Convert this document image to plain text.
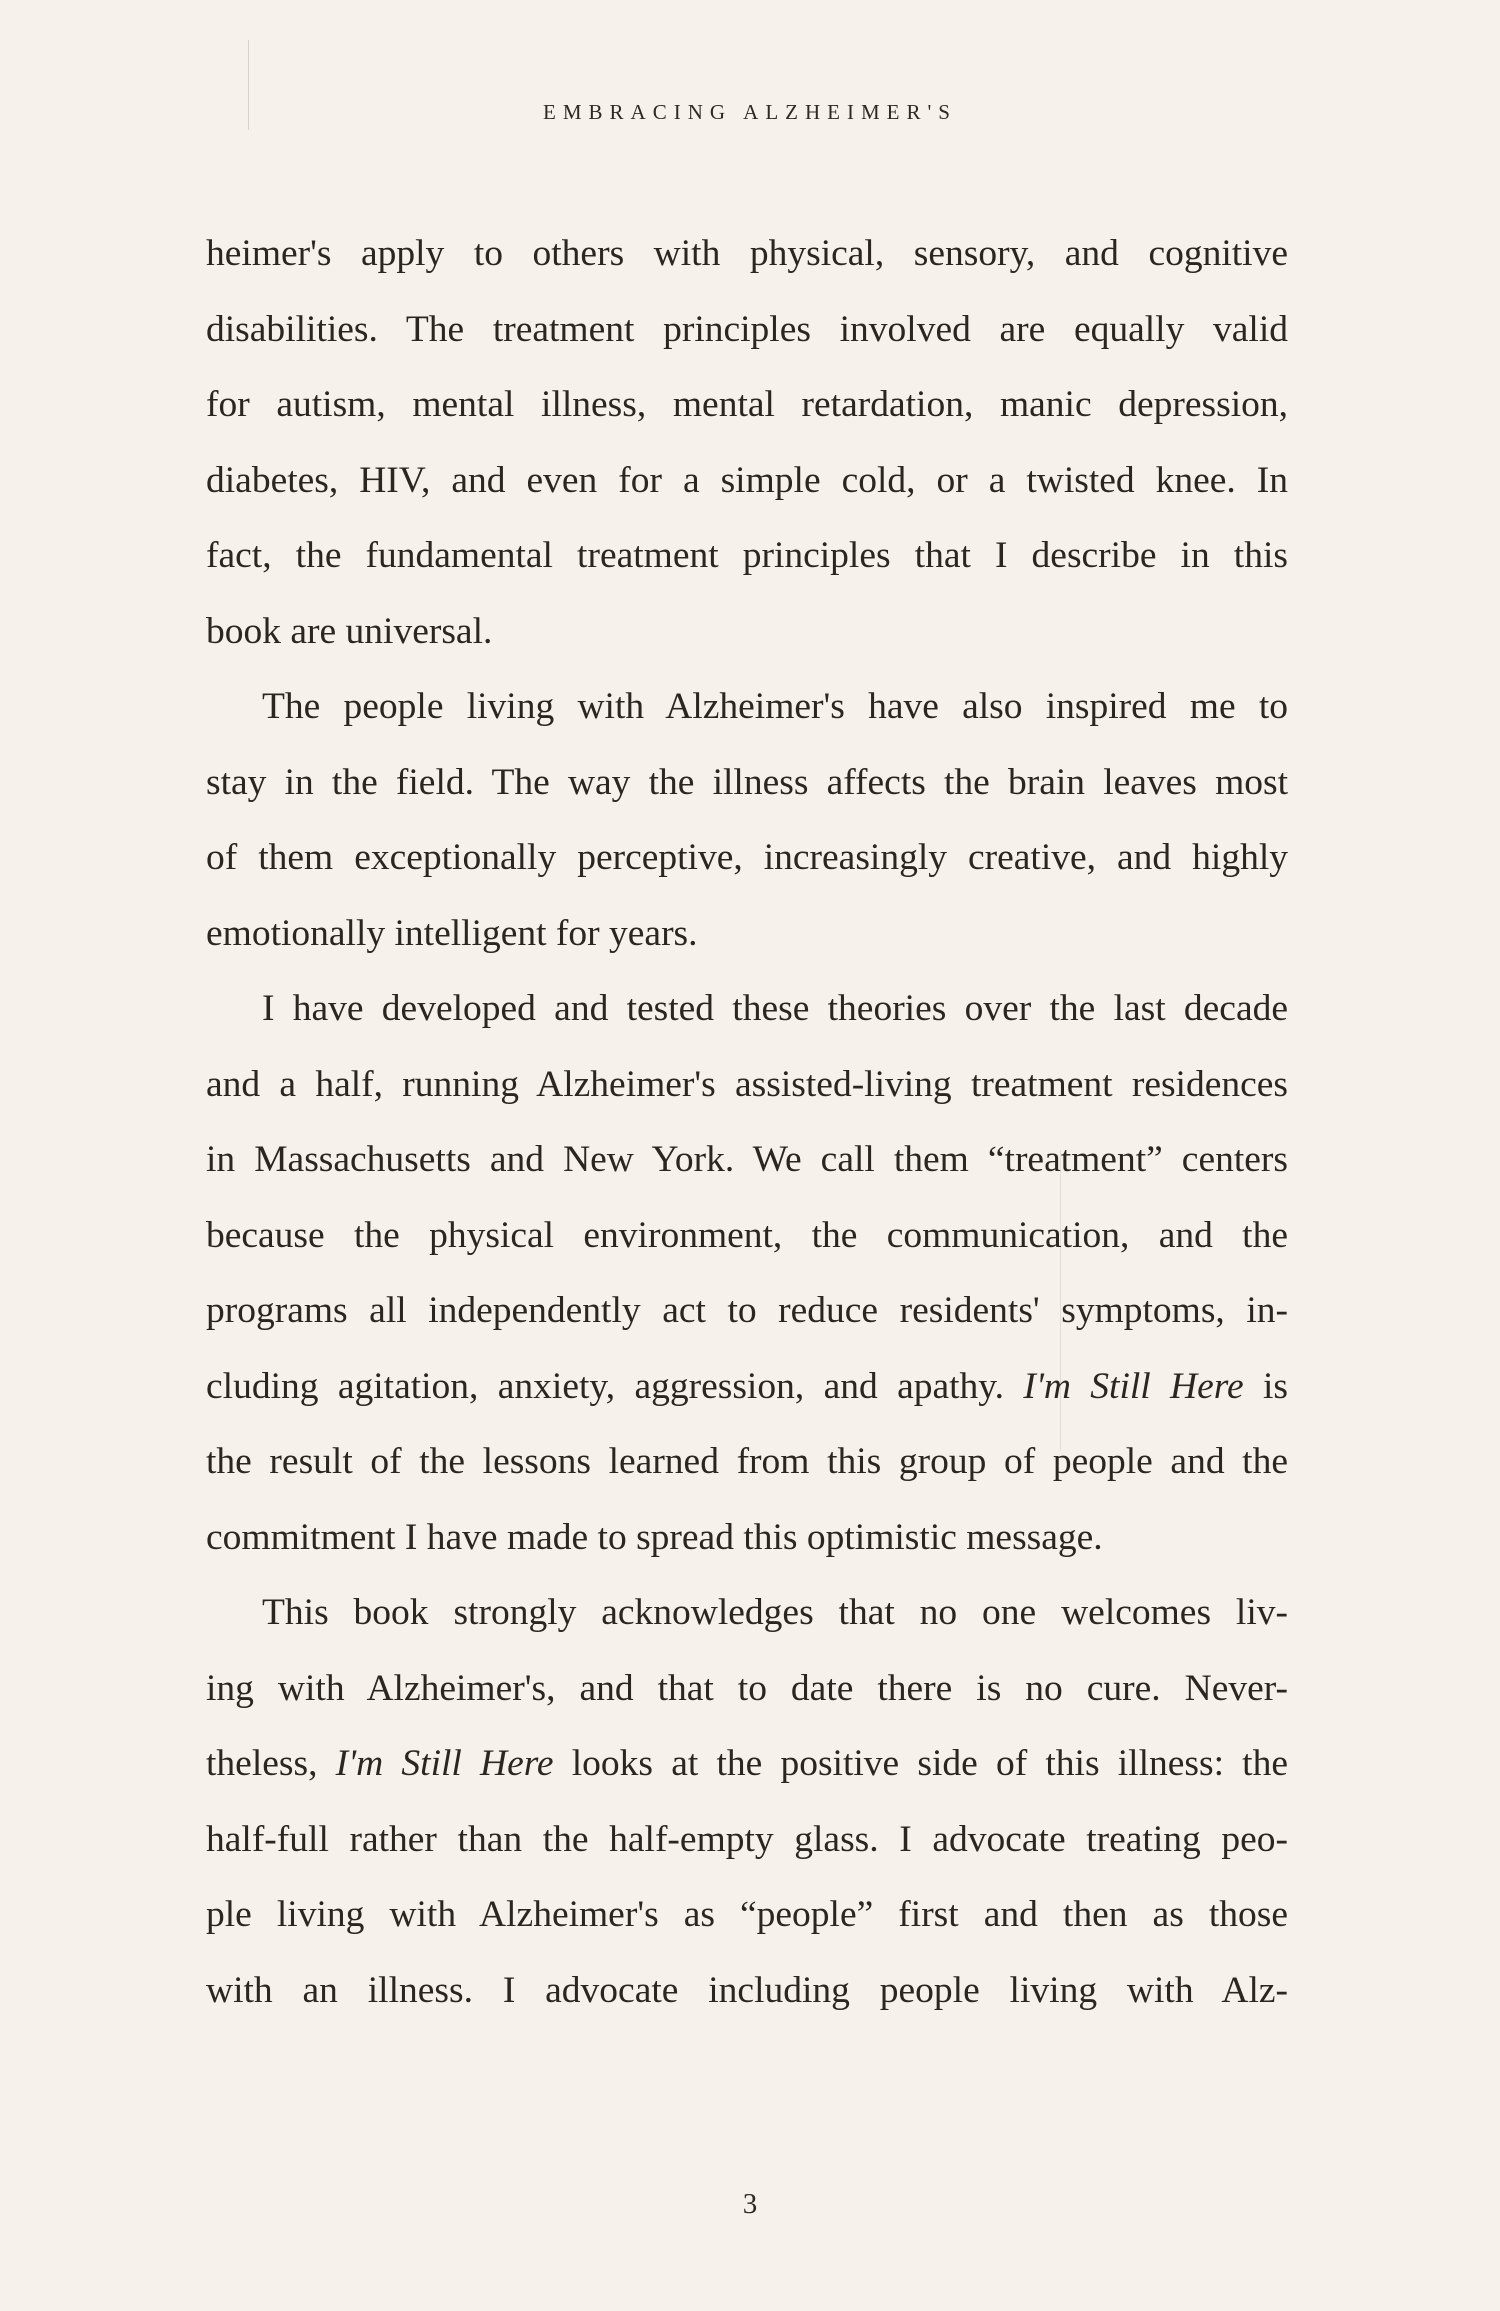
EMBRACING ALZHEIMER'S

heimer's apply to others with physical, sensory, and cognitive
disabilities. The treatment principles involved are equally valid
for autism, mental illness, mental retardation, manic depression,
diabetes, HIV, and even for a simple cold, or a twisted knee. In
fact, the fundamental treatment principles that I describe in this
book are universal.

The people living with Alzheimer's have also inspired me to
stay in the field. The way the illness affects the brain leaves most
of them exceptionally perceptive, increasingly creative, and highly
emotionally intelligent for years.

I have developed and tested these theories over the last decade
and a half, running Alzheimer's assisted-living treatment residences
in Massachusetts and New York. We call them “treatment” centers
because the physical environment, the communication, and the
programs all independently act to reduce residents' symptoms, in-
cluding agitation, anxiety, aggression, and apathy. I'm Still Here is
the result of the lessons learned from this group of people and the
commitment I have made to spread this optimistic message.

This book strongly acknowledges that no one welcomes liv-
ing with Alzheimer's, and that to date there is no cure. Never-
theless, I'm Still Here looks at the positive side of this illness: the
half-full rather than the half-empty glass. I advocate treating peo-
ple living with Alzheimer's as “people” first and then as those
with an illness. I advocate including people living with Alz-

3
